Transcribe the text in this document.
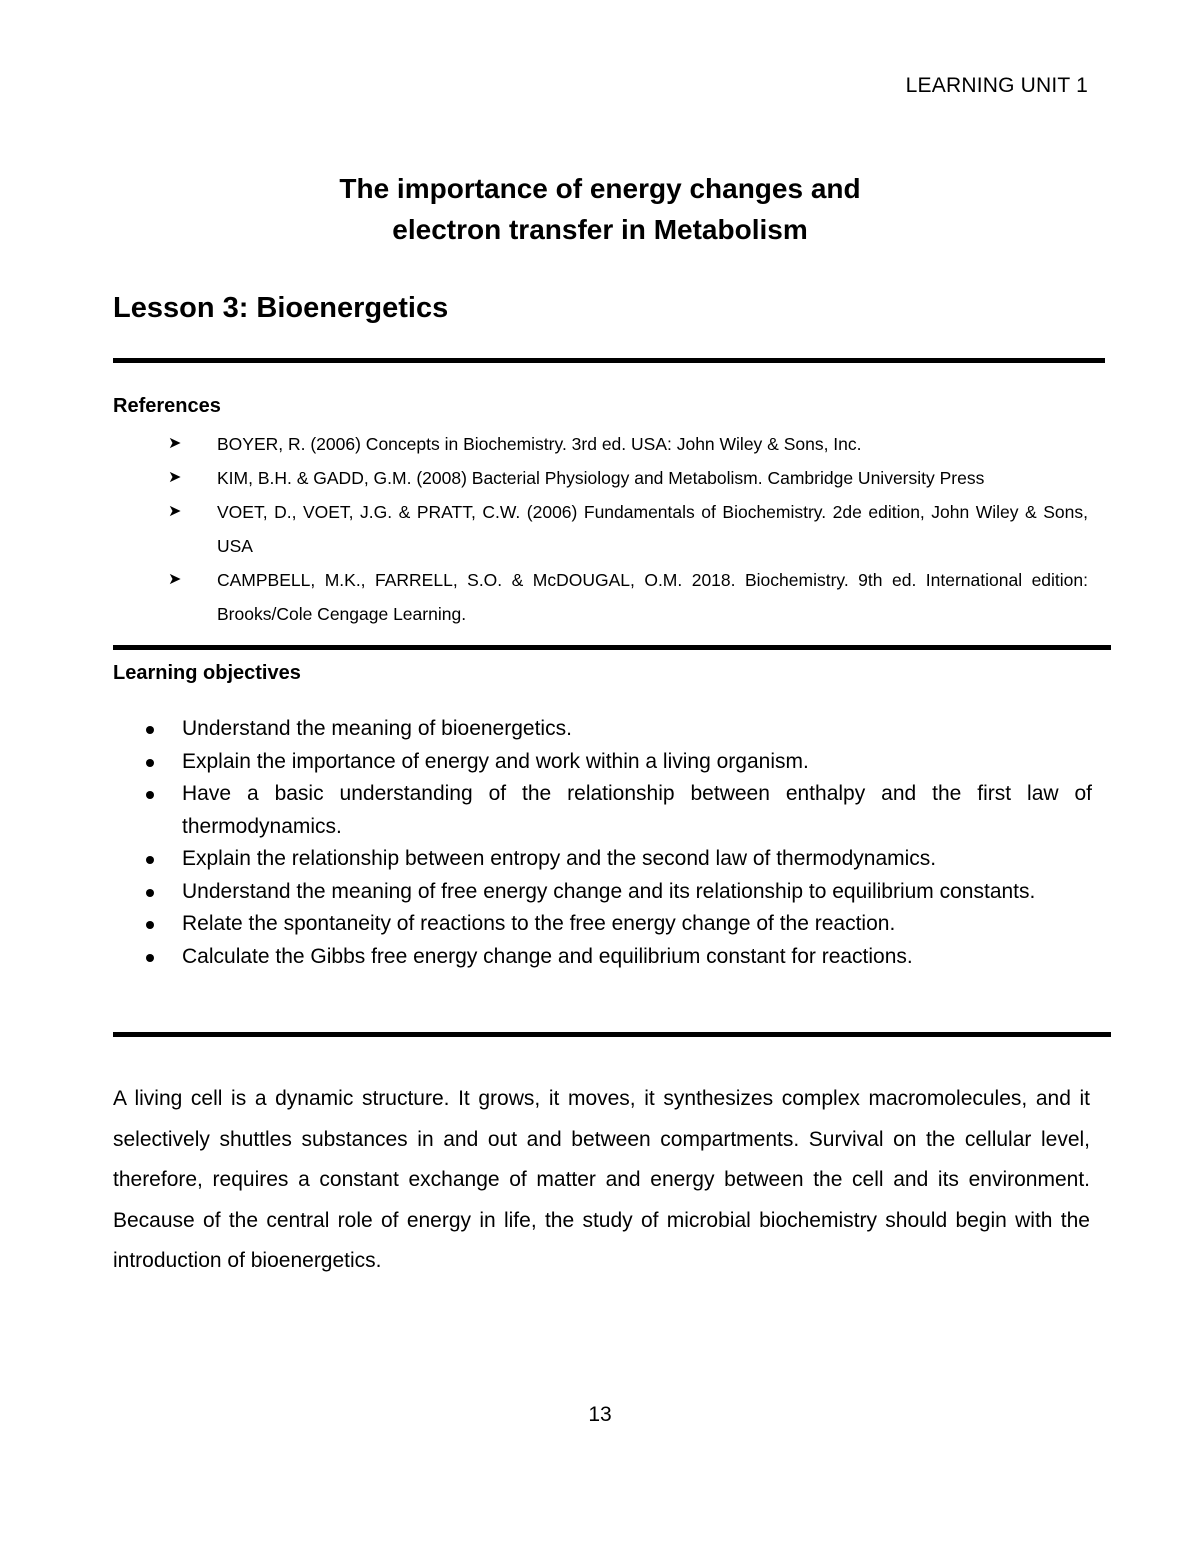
LEARNING UNIT 1
The importance of energy changes and
electron transfer in Metabolism
Lesson 3: Bioenergetics
References
➤ BOYER, R. (2006) Concepts in Biochemistry. 3rd ed. USA: John Wiley & Sons, Inc.
➤ KIM, B.H. & GADD, G.M. (2008) Bacterial Physiology and Metabolism. Cambridge University Press
➤ VOET, D., VOET, J.G. & PRATT, C.W. (2006) Fundamentals of Biochemistry. 2de edition, John Wiley & Sons, USA
➤ CAMPBELL, M.K., FARRELL, S.O. & McDOUGAL, O.M. 2018. Biochemistry. 9th ed. International edition: Brooks/Cole Cengage Learning.
Learning objectives
Understand the meaning of bioenergetics.
Explain the importance of energy and work within a living organism.
Have a basic understanding of the relationship between enthalpy and the first law of thermodynamics.
Explain the relationship between entropy and the second law of thermodynamics.
Understand the meaning of free energy change and its relationship to equilibrium constants.
Relate the spontaneity of reactions to the free energy change of the reaction.
Calculate the Gibbs free energy change and equilibrium constant for reactions.

A living cell is a dynamic structure. It grows, it moves, it synthesizes complex macromolecules, and it selectively shuttles substances in and out and between compartments. Survival on the cellular level, therefore, requires a constant exchange of matter and energy between the cell and its environment. Because of the central role of energy in life, the study of microbial biochemistry should begin with the introduction of bioenergetics.

13
